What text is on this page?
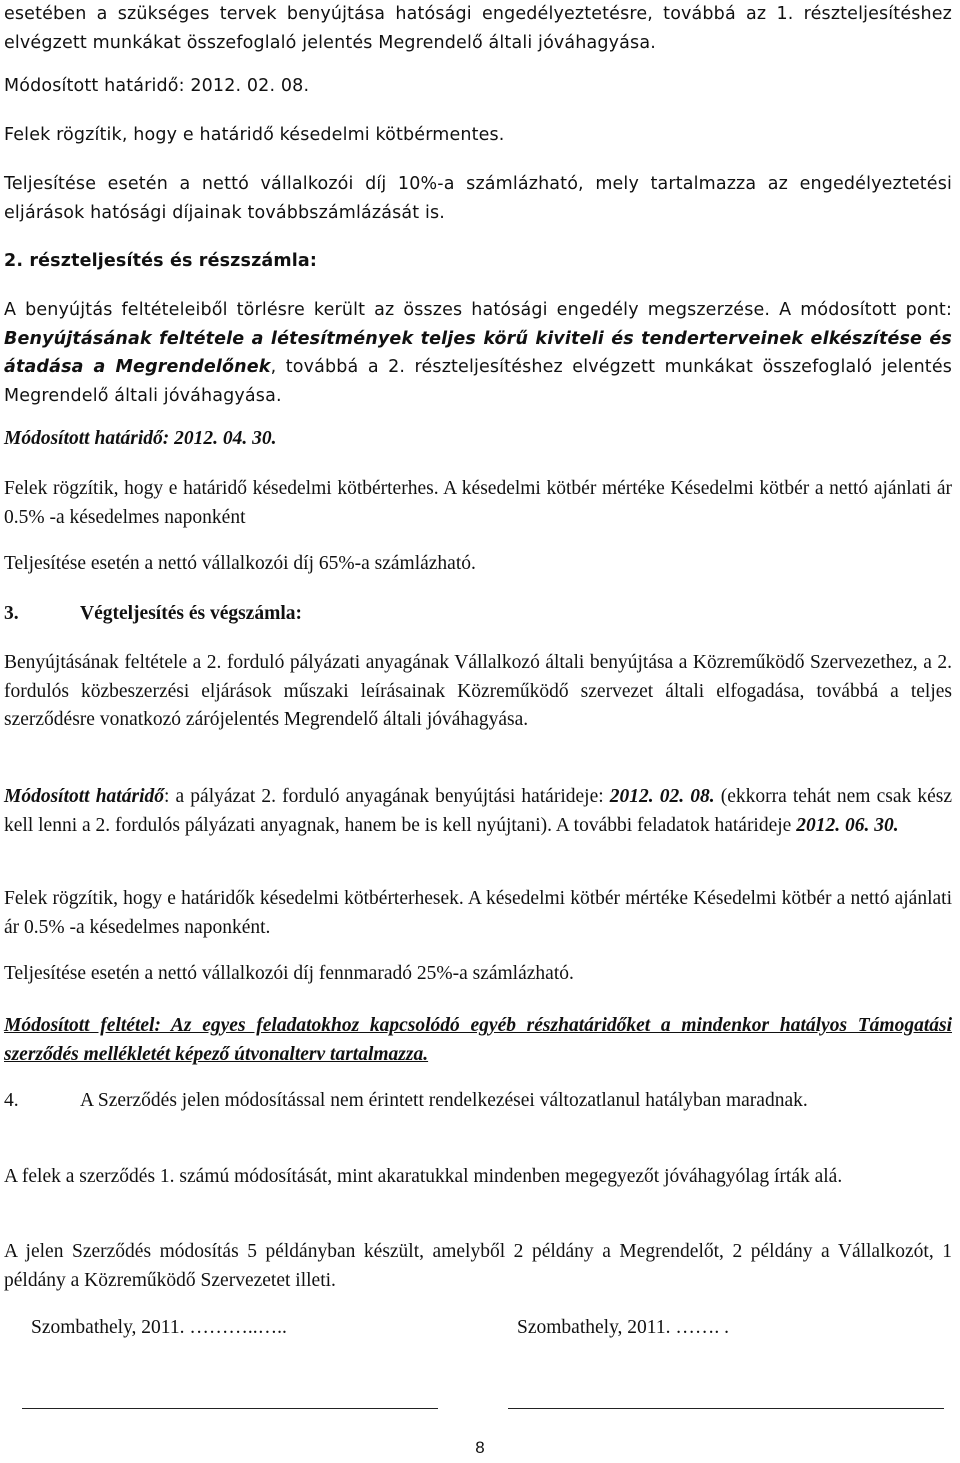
esetében a szükséges tervek benyújtása hatósági engedélyeztetésre, továbbá az 1. részteljesítéshez elvégzett munkákat összefoglaló jelentés Megrendelő általi jóváhagyása.

Módosított határidő: 2012. 02. 08.

Felek rögzítik, hogy e határidő késedelmi kötbérmentes.

Teljesítése esetén a nettó vállalkozói díj 10%-a számlázható, mely tartalmazza az engedélyeztetési eljárások hatósági díjainak továbbszámlázását is.

2. részteljesítés és részszámla:

A benyújtás feltételeiből törlésre került az összes hatósági engedély megszerzése. A módosított pont: Benyújtásának feltétele a létesítmények teljes körű kiviteli és tenderterveinek elkészítése és átadása a Megrendelőnek, továbbá a 2. részteljesítéshez elvégzett munkákat összefoglaló jelentés Megrendelő általi jóváhagyása.

Módosított határidő: 2012. 04. 30.

Felek rögzítik, hogy e határidő késedelmi kötbérterhes. A késedelmi kötbér mértéke Késedelmi kötbér a nettó ajánlati ár 0.5% -a késedelmes naponként

Teljesítése esetén a nettó vállalkozói díj 65%-a számlázható.

3.	Végteljesítés és végszámla:

Benyújtásának feltétele a 2. forduló pályázati anyagának Vállalkozó általi benyújtása a Közreműködő Szervezethez, a 2. fordulós közbeszerzési eljárások műszaki leírásainak Közreműködő szervezet általi elfogadása, továbbá a teljes szerződésre vonatkozó zárójelentés Megrendelő általi jóváhagyása.

Módosított határidő: a pályázat 2. forduló anyagának benyújtási határideje: 2012. 02. 08. (ekkorra tehát nem csak kész kell lenni a 2. fordulós pályázati anyagnak, hanem be is kell nyújtani). A további feladatok határideje 2012. 06. 30.

Felek rögzítik, hogy e határidők késedelmi kötbérterhesek. A késedelmi kötbér mértéke Késedelmi kötbér a nettó ajánlati ár 0.5% -a késedelmes naponként.

Teljesítése esetén a nettó vállalkozói díj fennmaradó 25%-a számlázható.

Módosított feltétel: Az egyes feladatokhoz kapcsolódó egyéb részhatáridőket a mindenkor hatályos Támogatási szerződés mellékletét képező útvonalterv tartalmazza.

4.	A Szerződés jelen módosítással nem érintett rendelkezései változatlanul hatályban maradnak.

A felek a szerződés 1. számú módosítását, mint akaratukkal mindenben megegyezőt jóváhagyólag írták alá.

A jelen Szerződés módosítás 5 példányban készült, amelyből 2 példány a Megrendelőt, 2 példány a Vállalkozót, 1 példány a Közreműködő Szervezetet illeti.

Szombathely, 2011. ………..…..	Szombathely, 2011. ……. .
8
